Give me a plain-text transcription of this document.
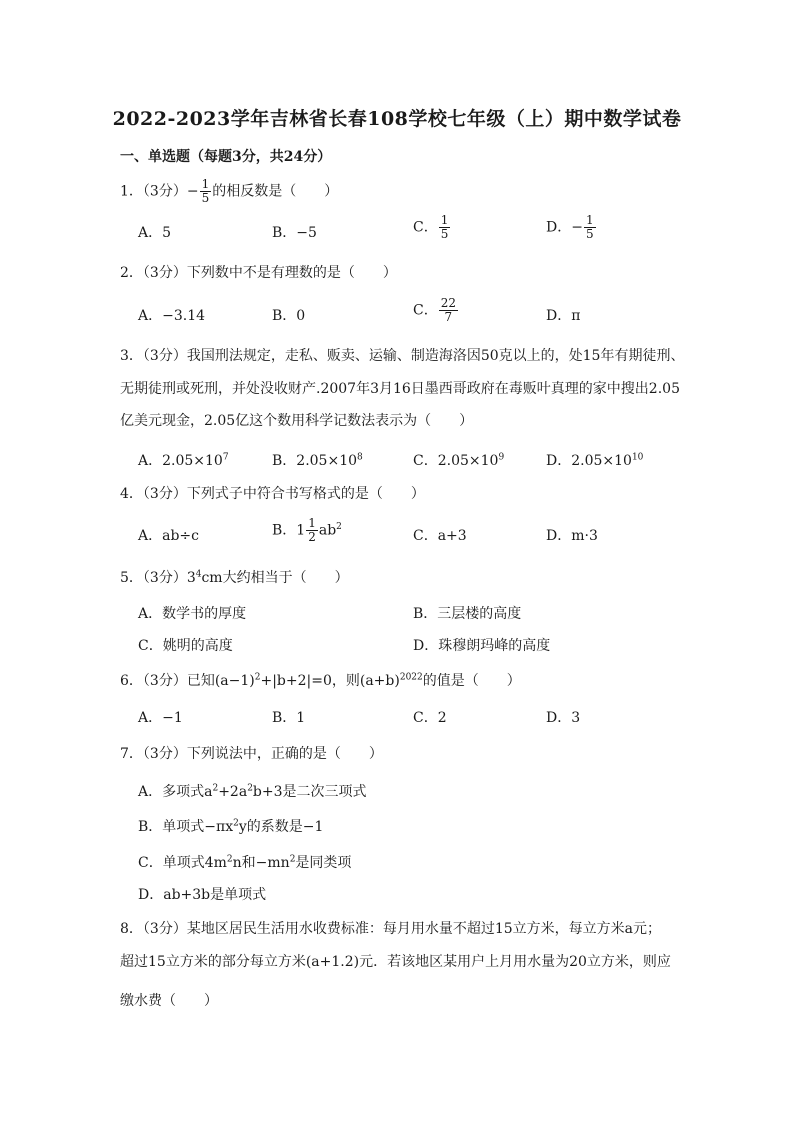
2022-2023学年吉林省长春108学校七年级（上）期中数学试卷
一、单选题（每题3分，共24分）
1．（3分）− $\frac{1}{5}$ 的相反数是（　　）
A．5	B．−5	C． $\frac{1}{5}$	D．− $\frac{1}{5}$
2．（3分）下列数中不是有理数的是（　　）
A．−3.14	B．0	C． $\frac{22}{7}$	D．π
3．（3分）我国刑法规定，走私、贩卖、运输、制造海洛因50克以上的，处15年有期徒刑、
无期徒刑或死刑，并处没收财产.2007年3月16日墨西哥政府在毒贩叶真理的家中搜出2.05
亿美元现金，2.05亿这个数用科学记数法表示为（　　）
A．$2.05\times 10^7$	B．$2.05\times 10^8$	C．$2.05\times 10^9$	D．$2.05\times 10^{10}$
4．（3分）下列式子中符合书写格式的是（　　）
A．ab÷c	B．$1 \frac{1}{2} ab^2$
C．a+3	D．m·3
5．（3分）$3^4cm$大约相当于（　　）
A．数学书的厚度	B．三层楼的高度
C．姚明的高度	D．珠穆朗玛峰的高度
6．（3分）已知$(a-1)^2+|b+2|=0$，则$(a+b)^{2022}$的值是（　　）
A．−1	B．1	C．2	D．3
7．（3分）下列说法中，正确的是（　　）
A．多项式$a^2+2a^2b+3$是二次三项式
B．单项式$-\pi x^2y$的系数是−1
C．单项式$4m^2n$和$-mn^2$是同类项
D．ab+3b是单项式
8．（3分）某地区居民生活用水收费标准：每月用水量不超过15立方米，每立方米a元；
超过15立方米的部分每立方米(a+1.2)元．若该地区某用户上月用水量为20立方米，则应
缴水费（　　）
